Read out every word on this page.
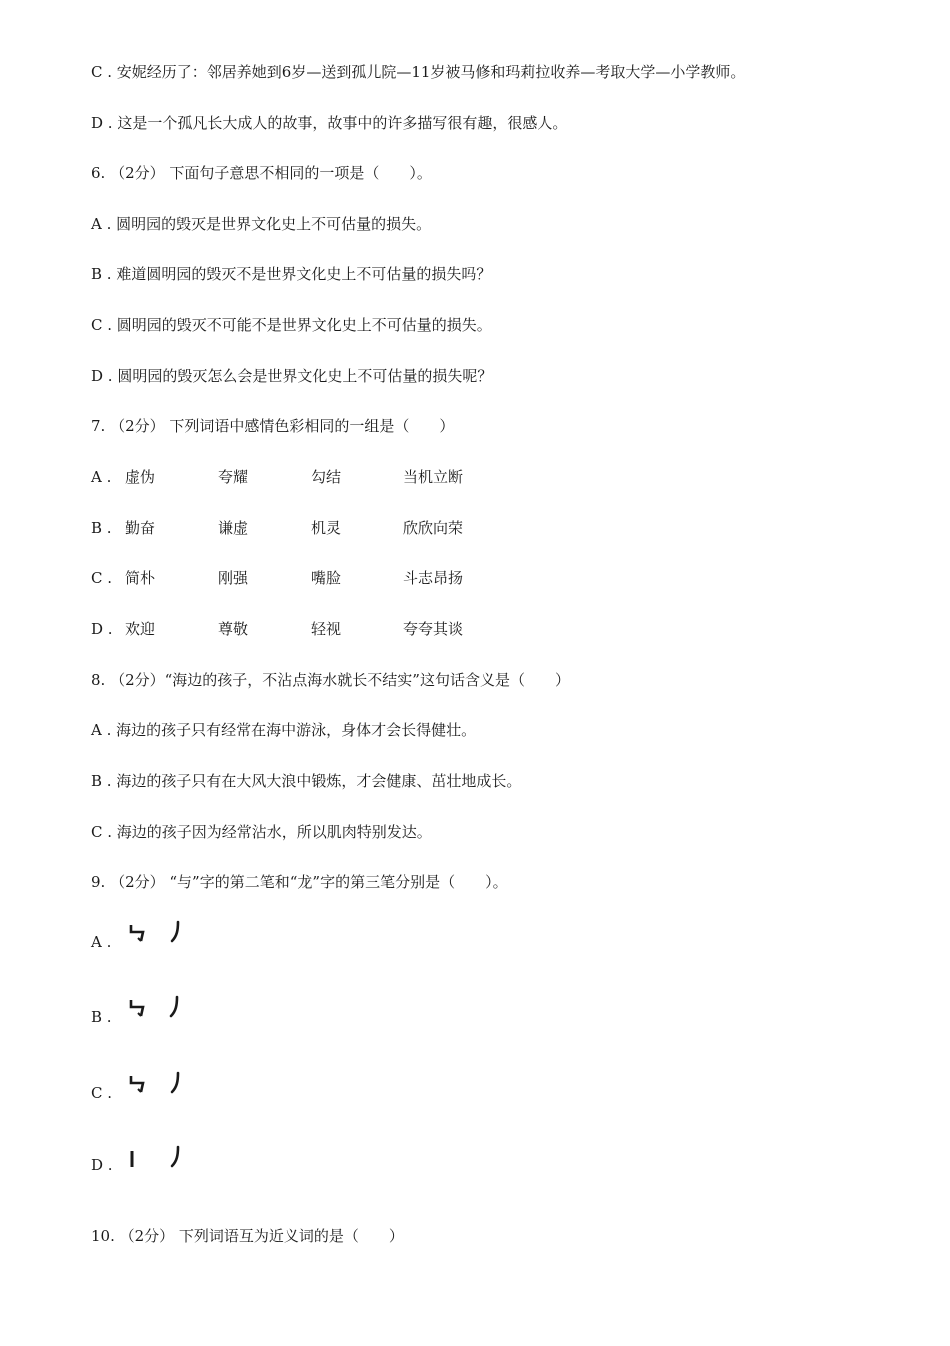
C . 安妮经历了：邻居养她到6岁—送到孤儿院—11岁被马修和玛莉拉收养—考取大学—小学教师。
D . 这是一个孤凡长大成人的故事，故事中的许多描写很有趣，很感人。
6. （2分） 下面句子意思不相同的一项是（　　）。
A . 圆明园的毁灭是世界文化史上不可估量的损失。
B . 难道圆明园的毁灭不是世界文化史上不可估量的损失吗？
C . 圆明园的毁灭不可能不是世界文化史上不可估量的损失。
D . 圆明园的毁灭怎么会是世界文化史上不可估量的损失呢？
7. （2分） 下列词语中感情色彩相同的一组是（　　）
A . 虚伪	夸耀	勾结	当机立断
B . 勤奋	谦虚	机灵	欣欣向荣
C . 简朴	刚强	嘴脸	斗志昂扬
D . 欢迎	尊敬	轻视	夸夸其谈
8. （2分）“海边的孩子，不沾点海水就长不结实”这句话含义是（　　）
A . 海边的孩子只有经常在海中游泳，身体才会长得健壮。
B . 海边的孩子只有在大风大浪中锻炼，才会健康、茁壮地成长。
C . 海边的孩子因为经常沾水，所以肌肉特别发达。
9. （2分） “与”字的第二笔和“龙”字的第三笔分别是（　　）。
A .
B .
C .
D .
10. （2分） 下列词语互为近义词的是（　　）
